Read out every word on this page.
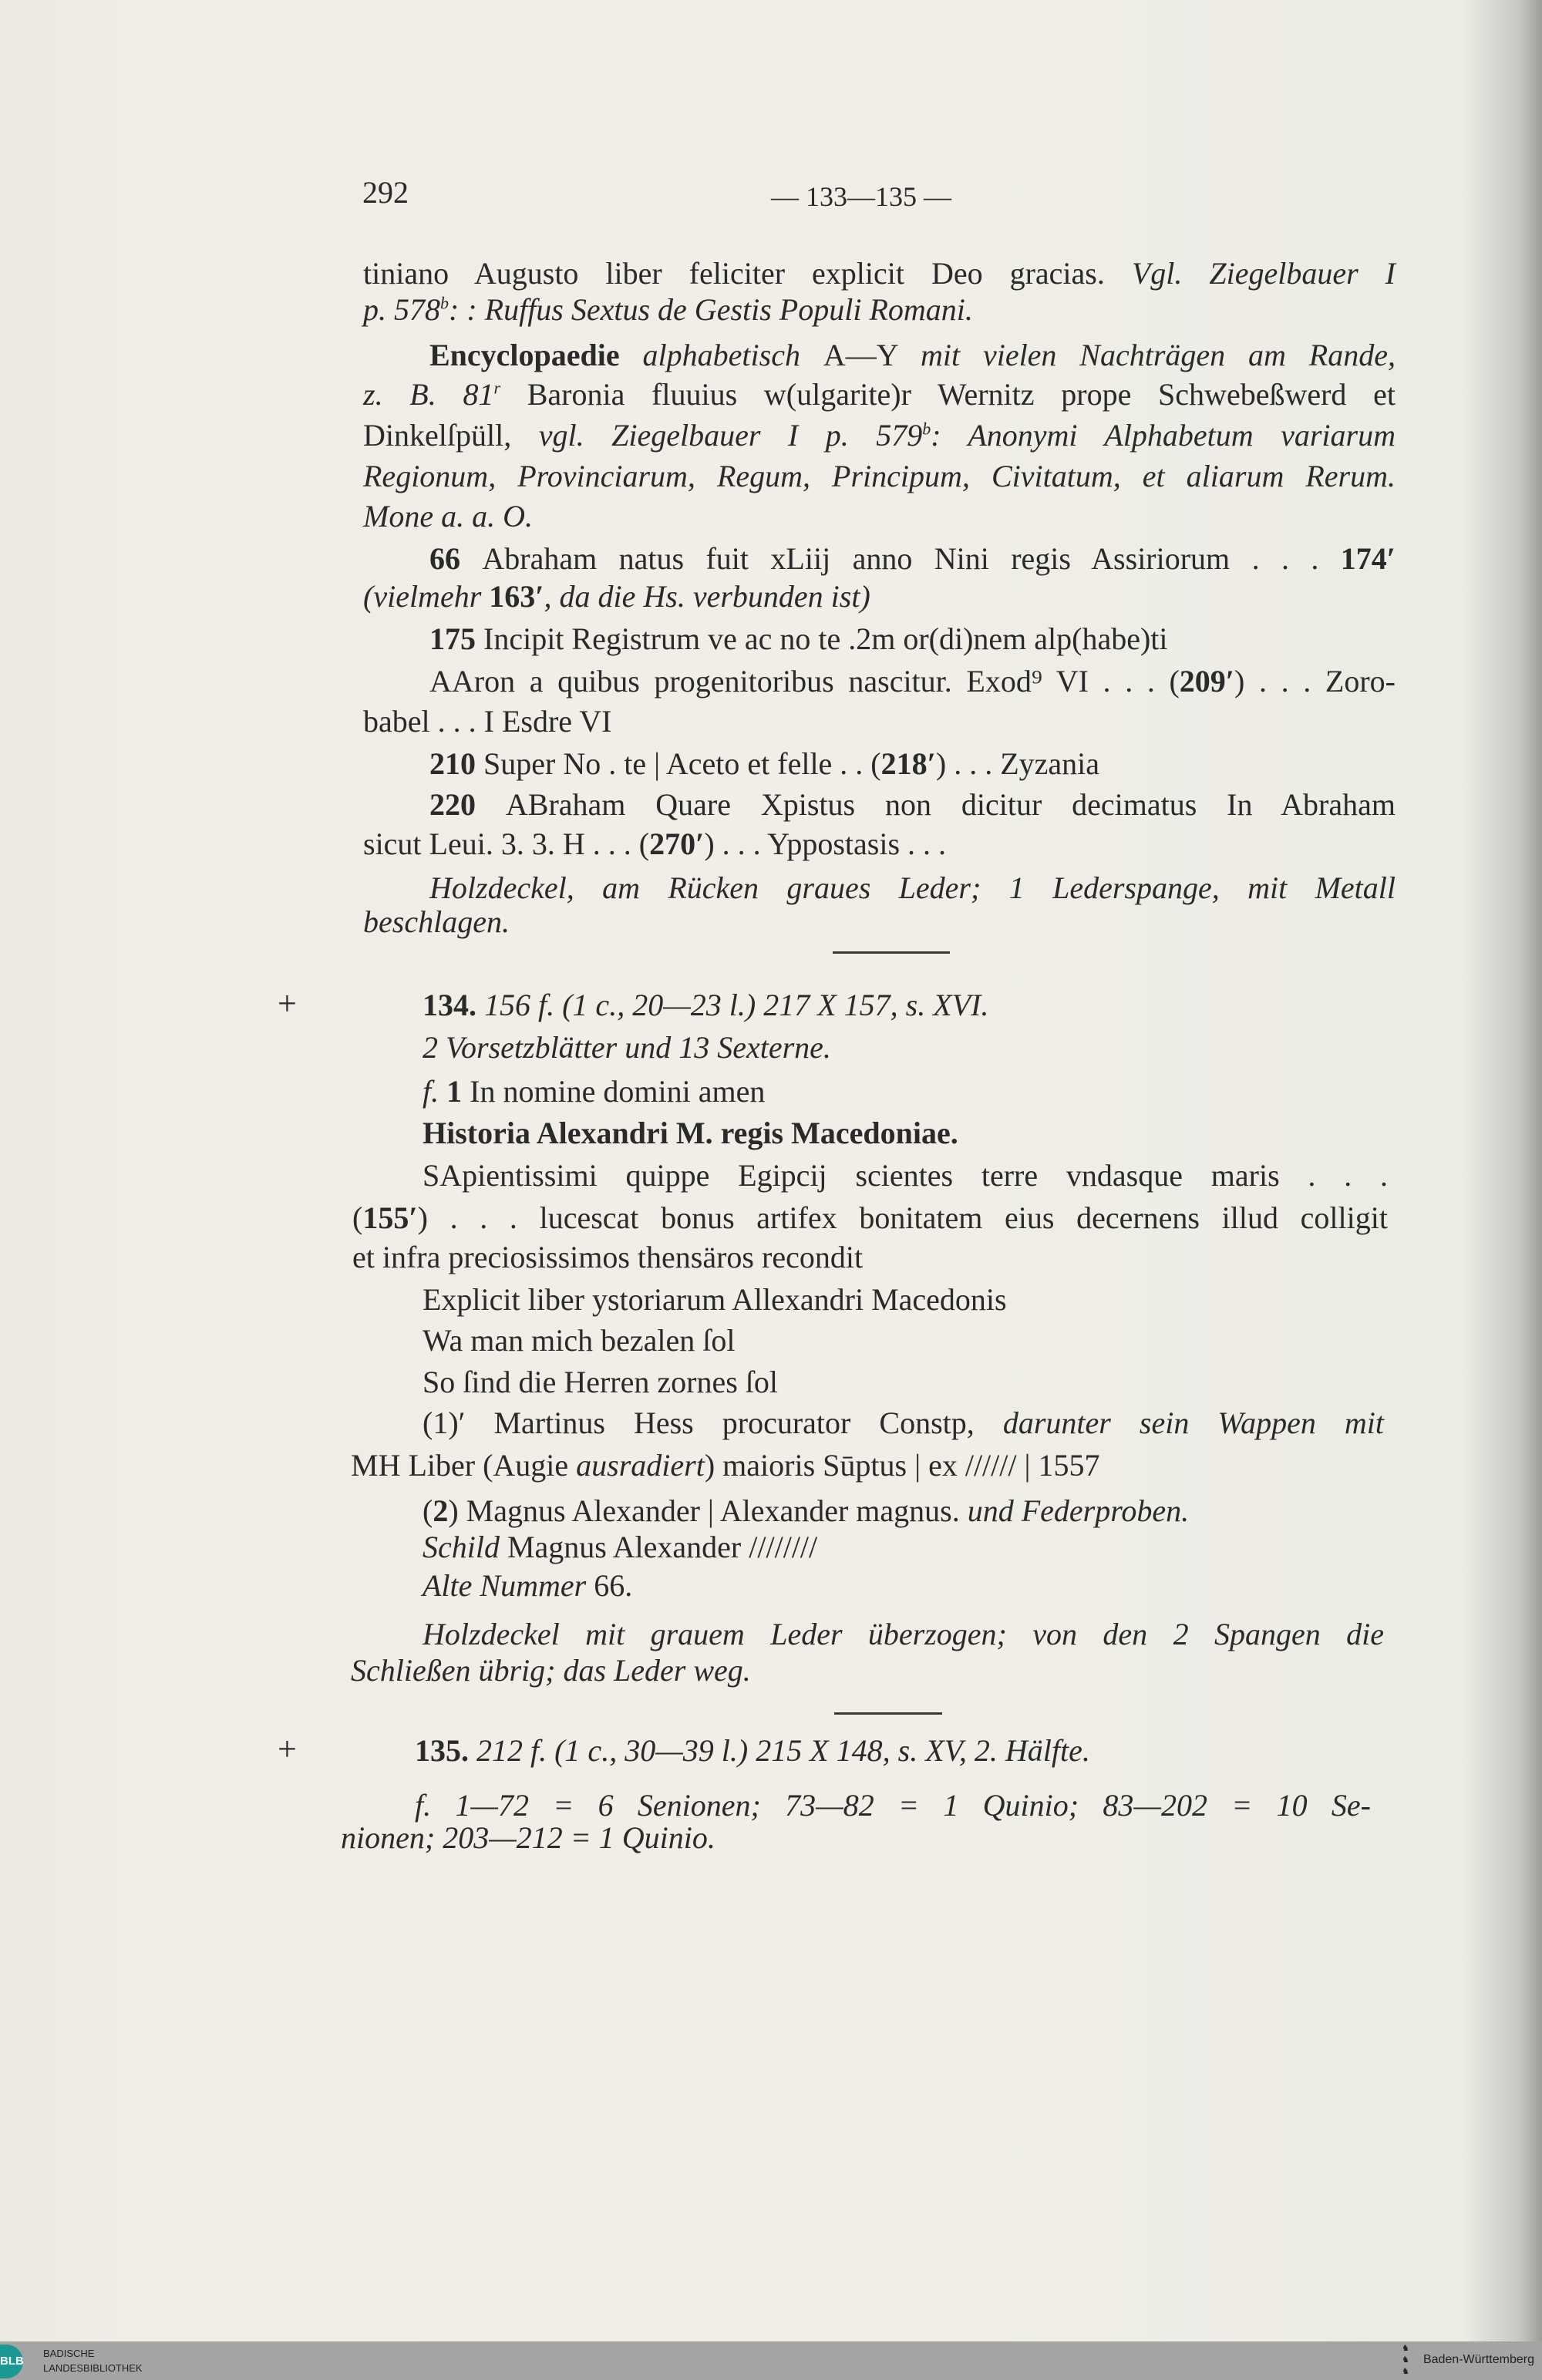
292	— 133—135 —
tiniano Augusto liber feliciter explicit Deo gracias. Vgl. Ziegelbauer I
p. 578$^b$: : Ruffus Sextus de Gestis Populi Romani.
Encyclopaedie alphabetisch A—Y mit vielen Nachträgen am Rande,
z. B. 81$^r$ Baronia fluuius w(ulgarite)r Wernitz prope Schwebeßwerd et
Dinkelſpüll, vgl. Ziegelbauer I p. 579$^b$: Anonymi Alphabetum variarum
Regionum, Provinciarum, Regum, Principum, Civitatum, et aliarum Rerum.
Mone a. a. O.
66 Abraham natus fuit xLiij anno Nini regis Assiriorum . . . 174′
(vielmehr 163′, da die Hs. verbunden ist)
175 Incipit Registrum ve ac no te .2m or(di)nem alp(habe)ti
AAron a quibus progenitoribus nascitur. Exod⁹ VI . . . (209′) . . . Zoro-
babel . . . I Esdre VI
210 Super No . te | Aceto et felle . . (218′) . . . Zyzania
220 ABraham Quare Xpistus non dicitur decimatus In Abraham
sicut Leui. 3. 3. H . . . (270′) . . . Yppostasis . . .
Holzdeckel, am Rücken graues Leder; 1 Lederspange, mit Metall
beschlagen.
134. 156 f. (1 c., 20—23 l.) 217 X 157, s. XVI.
2 Vorsetzblätter und 13 Sexterne.
f. 1 In nomine domini amen
Historia Alexandri M. regis Macedoniae.
SApientissimi quippe Egipcij scientes terre vndasque maris . . .
(155′) . . . lucescat bonus artifex bonitatem eius decernens illud colligit
et infra preciosissimos thensäros recondit
Explicit liber ystoriarum Allexandri Macedonis
Wa man mich bezalen ſol
So ſind die Herren zornes ſol
(1)′ Martinus Hess procurator Constp, darunter sein Wappen mit
MH Liber (Augie ausradiert) maioris Sūptus | ex ////// | 1557
(2) Magnus Alexander | Alexander magnus. und Federproben.
Schild Magnus Alexander ////////
Alte Nummer 66.
Holzdeckel mit grauem Leder überzogen; von den 2 Spangen die
Schließen übrig; das Leder weg.
135. 212 f. (1 c., 30—39 l.) 215 X 148, s. XV, 2. Hälfte.
f. 1—72 = 6 Senionen; 73—82 = 1 Quinio; 83—202 = 10 Se-
nionen; 203—212 = 1 Quinio.
+
+
BLB
BADISCHE
LANDESBIBLIOTHEK
♞
♞
♞
Baden-Württemberg
